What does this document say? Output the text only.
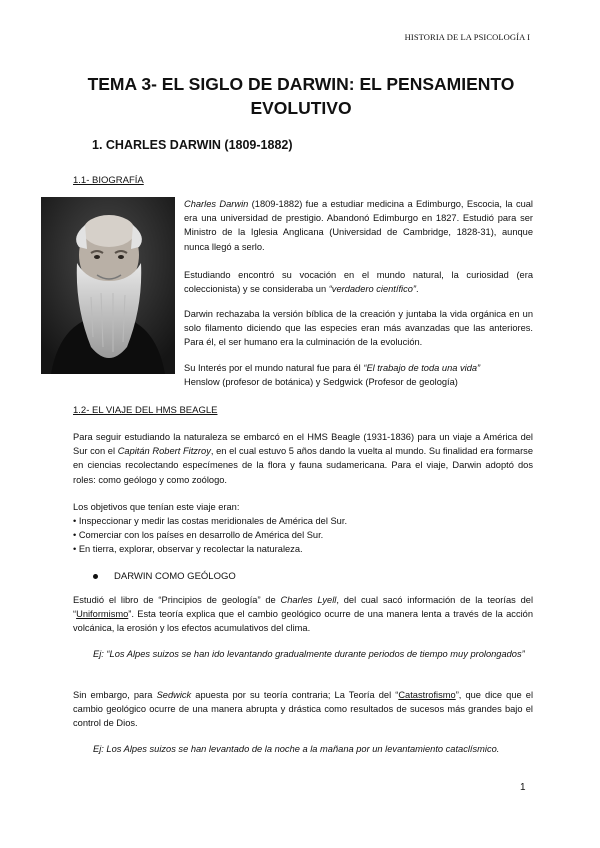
HISTORIA DE LA PSICOLOGÍA I
TEMA 3- EL SIGLO DE DARWIN: EL PENSAMIENTO
EVOLUTIVO
1. CHARLES DARWIN (1809-1882)
1.1- BIOGRAFÍA
Charles Darwin (1809-1882) fue a estudiar medicina a Edimburgo, Escocia, la cual era una universidad de prestigio. Abandonó Edimburgo en 1827. Estudió para ser Ministro de la Iglesia Anglicana (Universidad de Cambridge, 1828-31), aunque nunca llegó a serlo.
Estudiando encontró su vocación en el mundo natural, la curiosidad (era coleccionista) y se consideraba un “verdadero científico”.
Darwin rechazaba la versión bíblica de la creación y juntaba la vida orgánica en un solo filamento diciendo que las especies eran más avanzadas que las anteriores. Para él, el ser humano era la culminación de la evolución.
Su Interés por el mundo natural fue para él “El trabajo de toda una vida”
Henslow (profesor de botánica) y Sedgwick (Profesor de geología)
1.2- EL VIAJE DEL HMS BEAGLE
Para seguir estudiando la naturaleza se embarcó en el HMS Beagle (1931-1836) para un viaje a América del Sur con el Capitán Robert Fitzroy, en el cual estuvo 5 años dando la vuelta al mundo. Su finalidad era formarse en ciencias recolectando especímenes de la flora y fauna sudamericana. Para el viaje, Darwin adoptó dos roles: como geólogo y como zoólogo.
Los objetivos que tenían este viaje eran:
• Inspeccionar y medir las costas meridionales de América del Sur.
• Comerciar con los países en desarrollo de América del Sur.
• En tierra, explorar, observar y recolectar la naturaleza.
DARWIN COMO GEÓLOGO
Estudió el libro de “Principios de geología” de Charles Lyell, del cual sacó información de la teorías del “Uniformismo”. Esta teoría explica que el cambio geológico ocurre de una manera lenta a través de la acción volcánica, la erosión y los efectos acumulativos del clima.
Ej: “Los Alpes suizos se han ido levantando gradualmente durante periodos de tiempo muy prolongados”
Sin embargo, para Sedwick apuesta por su teoría contraria; La Teoría del “Catastrofismo”, que dice que el cambio geológico ocurre de una manera abrupta y drástica como resultados de sucesos más grandes bajo el control de Dios.
Ej: Los Alpes suizos se han levantado de la noche a la mañana por un levantamiento cataclísmico.
1
